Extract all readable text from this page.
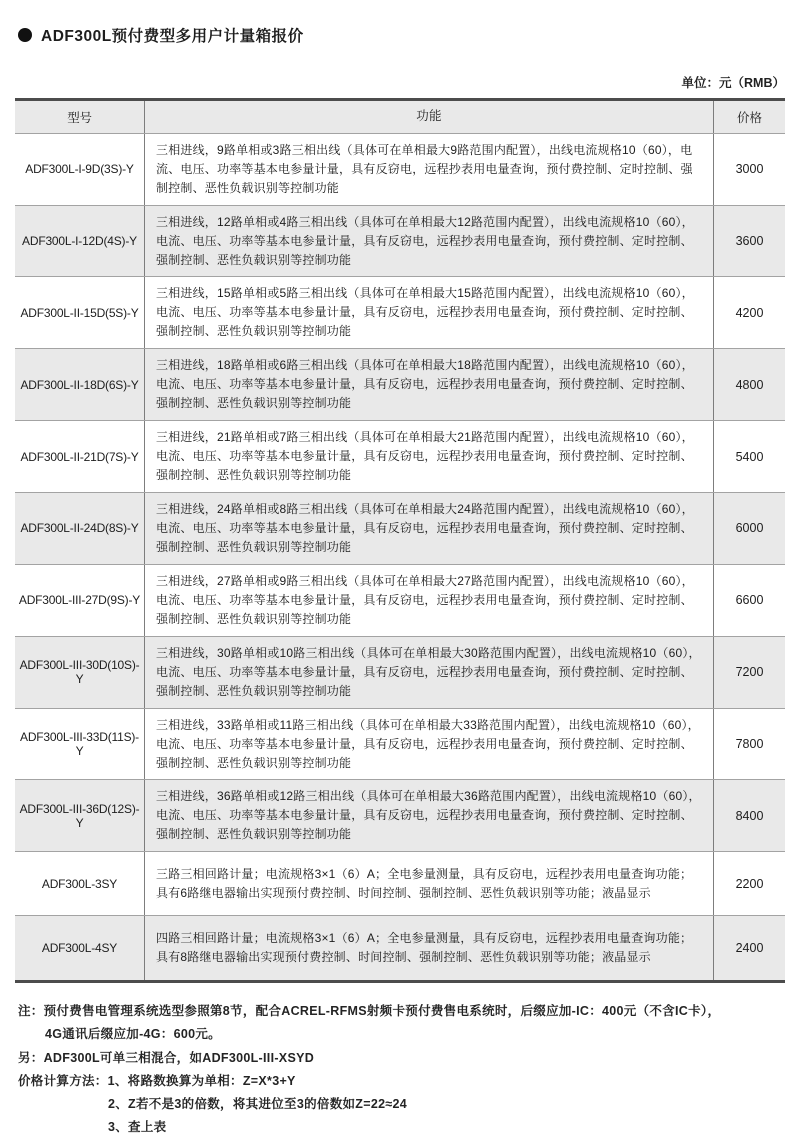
ADF300L预付费型多用户计量箱报价
单位：元（RMB）
型号	功能	价格
ADF300L-I-9D(3S)-Y
三相进线，9路单相或3路三相出线（具体可在单相最大9路范围内配置），出线电流规格10（60），电流、电压、功率等基本电参量计量，具有反窃电，远程抄表用电量查询，预付费控制、定时控制、强制控制、恶性负载识别等控制功能
3000
ADF300L-I-12D(4S)-Y
三相进线，12路单相或4路三相出线（具体可在单相最大12路范围内配置），出线电流规格10（60），电流、电压、功率等基本电参量计量，具有反窃电，远程抄表用电量查询，预付费控制、定时控制、强制控制、恶性负载识别等控制功能
3600
ADF300L-II-15D(5S)-Y
三相进线，15路单相或5路三相出线（具体可在单相最大15路范围内配置），出线电流规格10（60），电流、电压、功率等基本电参量计量，具有反窃电，远程抄表用电量查询，预付费控制、定时控制、强制控制、恶性负载识别等控制功能
4200
ADF300L-II-18D(6S)-Y
三相进线，18路单相或6路三相出线（具体可在单相最大18路范围内配置），出线电流规格10（60），电流、电压、功率等基本电参量计量，具有反窃电，远程抄表用电量查询，预付费控制、定时控制、强制控制、恶性负载识别等控制功能
4800
ADF300L-II-21D(7S)-Y
三相进线，21路单相或7路三相出线（具体可在单相最大21路范围内配置），出线电流规格10（60），电流、电压、功率等基本电参量计量，具有反窃电，远程抄表用电量查询，预付费控制、定时控制、强制控制、恶性负载识别等控制功能
5400
ADF300L-II-24D(8S)-Y
三相进线，24路单相或8路三相出线（具体可在单相最大24路范围内配置），出线电流规格10（60），电流、电压、功率等基本电参量计量，具有反窃电，远程抄表用电量查询，预付费控制、定时控制、强制控制、恶性负载识别等控制功能
6000
ADF300L-III-27D(9S)-Y
三相进线，27路单相或9路三相出线（具体可在单相最大27路范围内配置），出线电流规格10（60），电流、电压、功率等基本电参量计量，具有反窃电，远程抄表用电量查询，预付费控制、定时控制、强制控制、恶性负载识别等控制功能
6600
ADF300L-III-30D(10S)-Y
三相进线，30路单相或10路三相出线（具体可在单相最大30路范围内配置），出线电流规格10（60），电流、电压、功率等基本电参量计量，具有反窃电，远程抄表用电量查询，预付费控制、定时控制、强制控制、恶性负载识别等控制功能
7200
ADF300L-III-33D(11S)-Y
三相进线，33路单相或11路三相出线（具体可在单相最大33路范围内配置），出线电流规格10（60），电流、电压、功率等基本电参量计量，具有反窃电，远程抄表用电量查询，预付费控制、定时控制、强制控制、恶性负载识别等控制功能
7800
ADF300L-III-36D(12S)-Y
三相进线，36路单相或12路三相出线（具体可在单相最大36路范围内配置），出线电流规格10（60），电流、电压、功率等基本电参量计量，具有反窃电，远程抄表用电量查询，预付费控制、定时控制、强制控制、恶性负载识别等控制功能
8400
ADF300L-3SY
三路三相回路计量；电流规格3×1（6）A；全电参量测量，具有反窃电，远程抄表用电量查询功能；具有6路继电器输出实现预付费控制、时间控制、强制控制、恶性负载识别等功能；液晶显示
2200
ADF300L-4SY
四路三相回路计量；电流规格3×1（6）A；全电参量测量，具有反窃电，远程抄表用电量查询功能；具有8路继电器输出实现预付费控制、时间控制、强制控制、恶性负载识别等功能；液晶显示
2400
注：预付费售电管理系统选型参照第8节，配合ACREL-RFMS射频卡预付费售电系统时，后缀应加-IC：400元（不含IC卡），
4G通讯后缀应加-4G：600元。
另：ADF300L可单三相混合，如ADF300L-III-XSYD
价格计算方法：1、将路数换算为单相：Z=X*3+Y
2、Z若不是3的倍数，将其进位至3的倍数如Z=22≈24
3、查上表
